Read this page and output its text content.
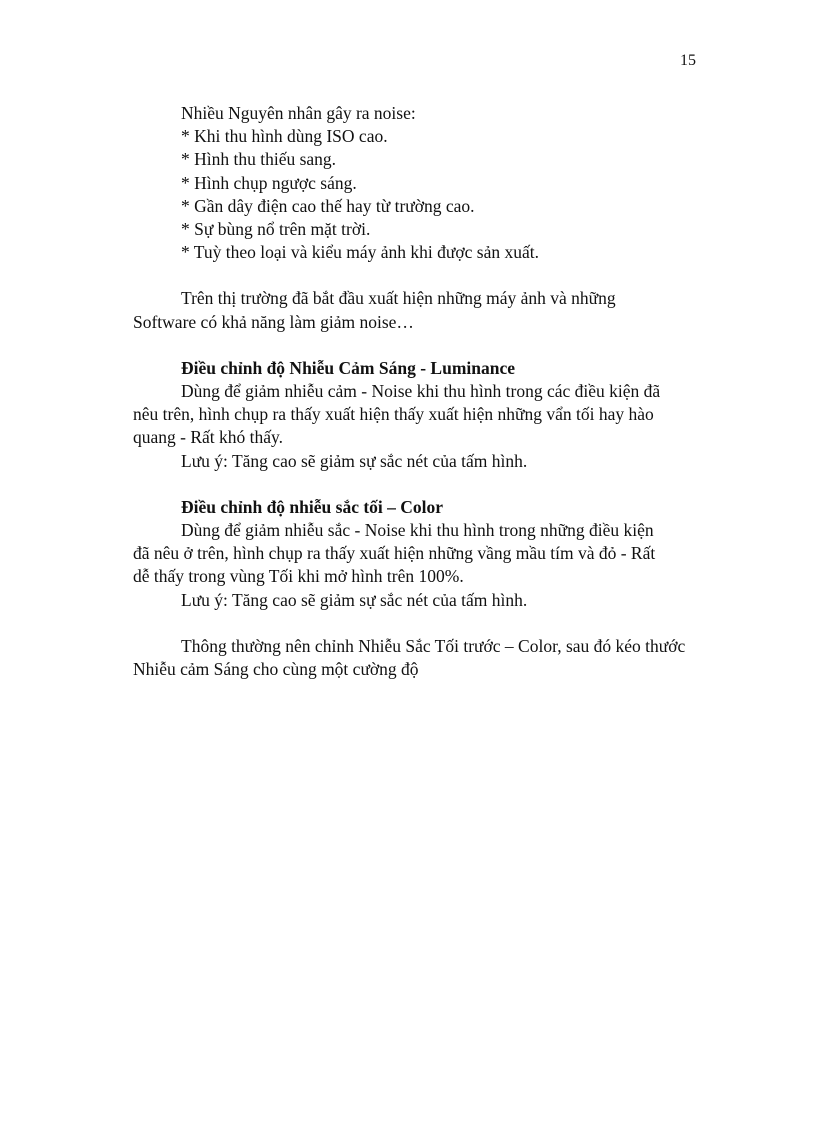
15
Nhiều Nguyên nhân gây ra noise:
* Khi thu hình dùng ISO cao.
* Hình thu thiếu sang.
* Hình chụp ngược sáng.
* Gần dây điện cao thế hay từ trường cao.
* Sự bùng nổ trên mặt trời.
* Tuỳ theo loại và kiểu máy ảnh khi được sản xuất.
Trên thị trường đã bắt đầu xuất hiện những máy ảnh và những
Software có khả năng làm giảm noise…
Điều chỉnh độ Nhiễu Cảm Sáng - Luminance
Dùng để giảm nhiễu cảm - Noise khi thu hình trong các điều kiện đã
nêu trên, hình chụp ra thấy xuất hiện thấy xuất hiện những vẩn tối hay hào
quang - Rất khó thấy.
Lưu ý: Tăng cao sẽ giảm sự sắc nét của tấm hình.
Điều chỉnh độ nhiễu sắc tối – Color
Dùng để giảm nhiễu sắc - Noise khi thu hình trong những điều kiện
đã nêu ở trên, hình chụp ra thấy xuất hiện những vầng mầu tím và đỏ - Rất
dễ thấy trong vùng Tối khi mở hình trên 100%.
Lưu ý: Tăng cao sẽ giảm sự sắc nét của tấm hình.
Thông thường nên chỉnh Nhiễu Sắc Tối trước – Color, sau đó kéo thước
Nhiễu cảm Sáng cho cùng một cường độ
